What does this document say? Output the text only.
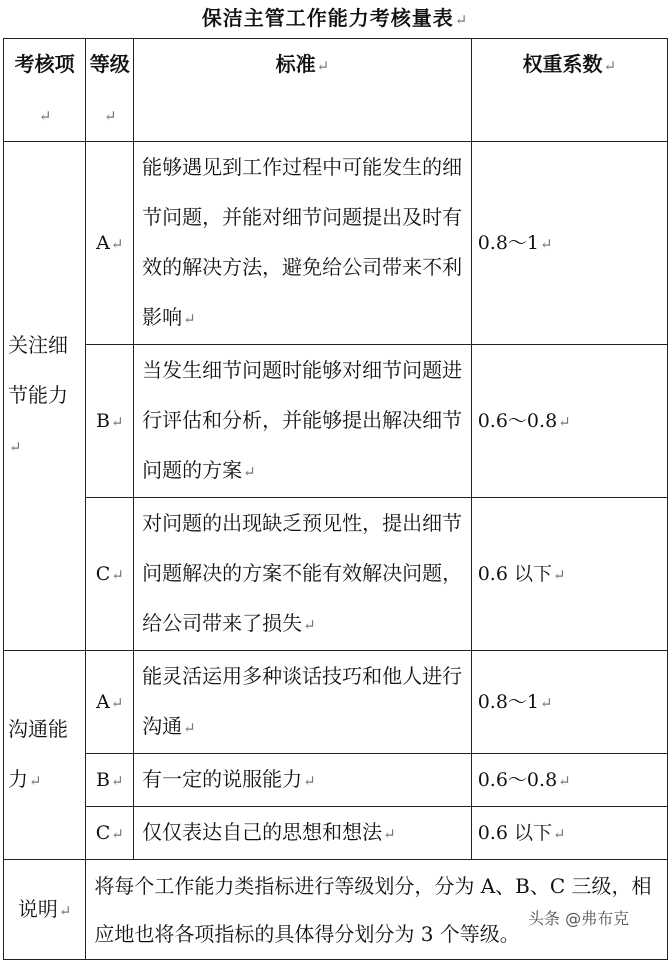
保洁主管工作能力考核量表↵
考核项↵	等级↵	标准↵	权重系数↵
关注细节能力↵	A↵	能够遇见到工作过程中可能发生的细节问题，并能对细节问题提出及时有效的解决方法，避免给公司带来不利影响↵	0.8～1↵
	B↵	当发生细节问题时能够对细节问题进行评估和分析，并能够提出解决细节问题的方案↵	0.6～0.8↵
	C↵	对问题的出现缺乏预见性，提出细节问题解决的方案不能有效解决问题，给公司带来了损失↵	0.6 以下↵
沟通能力↵	A↵	能灵活运用多种谈话技巧和他人进行沟通↵	0.8～1↵
	B↵	有一定的说服能力↵	0.6～0.8↵
	C↵	仅仅表达自己的思想和想法↵	0.6 以下↵
说明↵	将每个工作能力类指标进行等级划分，分为 A、B、C 三级，相应地也将各项指标的具体得分划分为 3 个等级。		
头条 @弗布克
